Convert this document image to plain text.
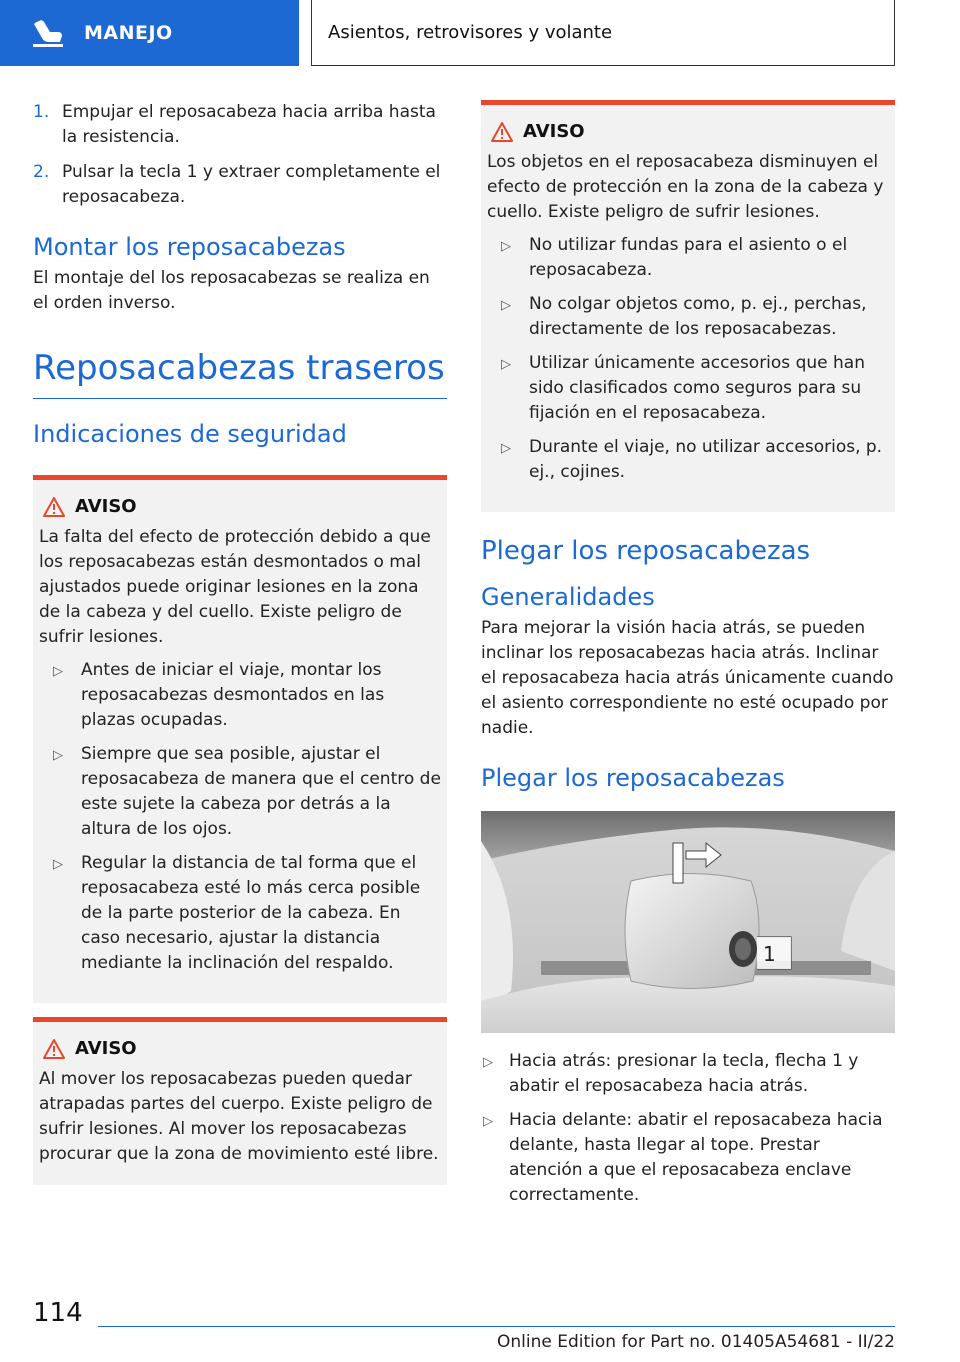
MANEJO	Asientos, retrovisores y volante
1. Empujar el reposacabeza hacia arriba hasta la resistencia.
2. Pulsar la tecla 1 y extraer completamente el reposacabeza.
Montar los reposacabezas

El montaje del los reposacabezas se realiza en el orden inverso.

Reposacabezas traseros
Indicaciones de seguridad
AVISO

La falta del efecto de protección debido a que los reposacabezas están desmontados o mal ajustados puede originar lesiones en la zona de la cabeza y del cuello. Existe peligro de sufrir lesiones.

▷	Antes de iniciar el viaje, montar los reposacabezas desmontados en las plazas ocupadas.
▷	Siempre que sea posible, ajustar el reposacabeza de manera que el centro de este sujete la cabeza por detrás a la altura de los ojos.
▷	Regular la distancia de tal forma que el reposacabeza esté lo más cerca posible de la parte posterior de la cabeza. En caso necesario, ajustar la distancia mediante la inclinación del respaldo.
AVISO

Al mover los reposacabezas pueden quedar atrapadas partes del cuerpo. Existe peligro de sufrir lesiones. Al mover los reposacabezas procurar que la zona de movimiento esté libre.

AVISO

Los objetos en el reposacabeza disminuyen el efecto de protección en la zona de la cabeza y cuello. Existe peligro de sufrir lesiones.

▷	No utilizar fundas para el asiento o el reposacabeza.
▷	No colgar objetos como, p. ej., perchas, directamente de los reposacabezas.
▷	Utilizar únicamente accesorios que han sido clasificados como seguros para su fijación en el reposacabeza.
▷	Durante el viaje, no utilizar accesorios, p. ej., cojines.
Plegar los reposacabezas
Generalidades

Para mejorar la visión hacia atrás, se pueden inclinar los reposacabezas hacia atrás. Inclinar el reposacabeza hacia atrás únicamente cuando el asiento correspondiente no esté ocupado por nadie.

Plegar los reposacabezas
1
▷ Hacia atrás: presionar la tecla, flecha 1 y abatir el reposacabeza hacia atrás.
▷ Hacia delante: abatir el reposacabeza hacia delante, hasta llegar al tope. Prestar atención a que el reposacabeza enclave correctamente.
114
Online Edition for Part no. 01405A54681 - II/22
